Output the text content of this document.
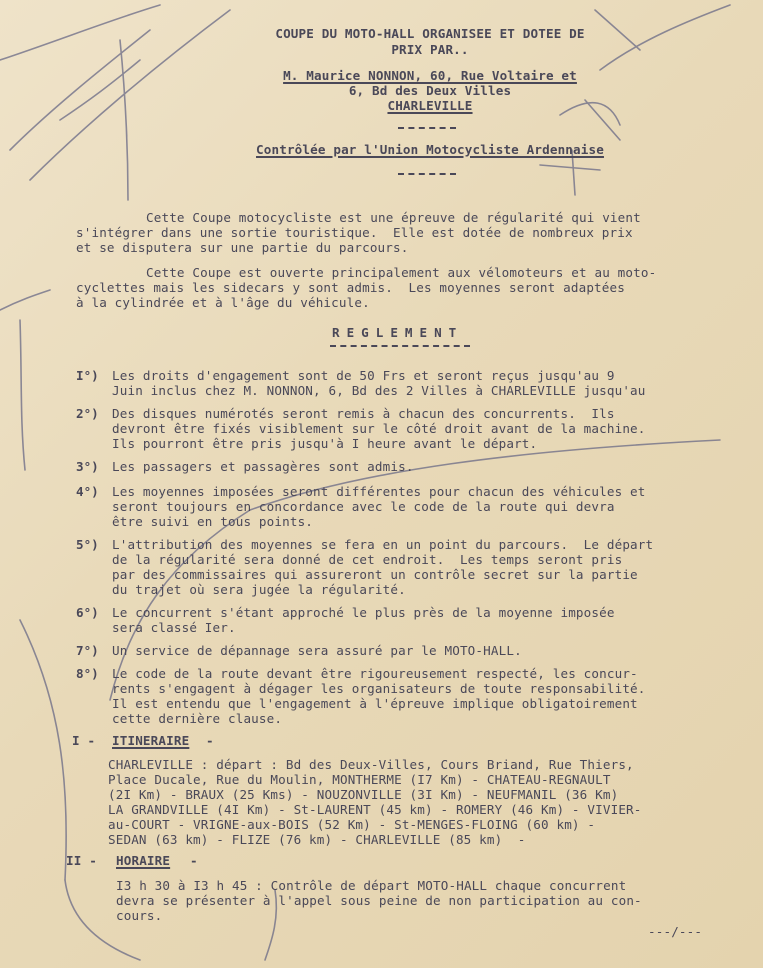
COUPE DU MOTO-HALL ORGANISEE ET DOTEE DE
PRIX PAR..
M. Maurice NONNON, 60, Rue Voltaire et
6, Bd des Deux Villes
CHARLEVILLE
Contrôlée par l'Union Motocycliste Ardennaise
Cette Coupe motocycliste est une épreuve de régularité qui vient
s'intégrer dans une sortie touristique.  Elle est dotée de nombreux prix
et se disputera sur une partie du parcours.
Cette Coupe est ouverte principalement aux vélomoteurs et au moto-
cyclettes mais les sidecars y sont admis.  Les moyennes seront adaptées
à la cylindrée et à l'âge du véhicule.
REGLEMENT
I°) Les droits d'engagement sont de 50 Frs et seront reçus jusqu'au 9
Juin inclus chez M. NONNON, 6, Bd des 2 Villes à CHARLEVILLE jusqu'au
2°) Des disques numérotés seront remis à chacun des concurrents.  Ils
devront être fixés visiblement sur le côté droit avant de la machine.
Ils pourront être pris jusqu'à I heure avant le départ.
3°) Les passagers et passagères sont admis.
4°) Les moyennes imposées seront différentes pour chacun des véhicules et
seront toujours en concordance avec le code de la route qui devra
être suivi en tous points.
5°) L'attribution des moyennes se fera en un point du parcours.  Le départ
de la régularité sera donné de cet endroit.  Les temps seront pris
par des commissaires qui assureront un contrôle secret sur la partie
du trajet où sera jugée la régularité.
6°) Le concurrent s'étant approché le plus près de la moyenne imposée
sera classé Ier.
7°) Un service de dépannage sera assuré par le MOTO-HALL.
8°) Le code de la route devant être rigoureusement respecté, les concur-
rents s'engagent à dégager les organisateurs de toute responsabilité.
Il est entendu que l'engagement à l'épreuve implique obligatoirement
cette dernière clause.
I - ITINERAIRE -
CHARLEVILLE : départ : Bd des Deux-Villes, Cours Briand, Rue Thiers,
Place Ducale, Rue du Moulin, MONTHERME (I7 Km) - CHATEAU-REGNAULT
(2I Km) - BRAUX (25 Kms) - NOUZONVILLE (3I Km) - NEUFMANIL (36 Km)
LA GRANDVILLE (4I Km) - St-LAURENT (45 km) - ROMERY (46 Km) - VIVIER-
au-COURT - VRIGNE-aux-BOIS (52 Km) - St-MENGES-FLOING (60 km) -
SEDAN (63 km) - FLIZE (76 km) - CHARLEVILLE (85 km)  -
II - HORAIRE -
I3 h 30 à I3 h 45 : Contrôle de départ MOTO-HALL chaque concurrent
devra se présenter à l'appel sous peine de non participation au con-
cours.
---/---
